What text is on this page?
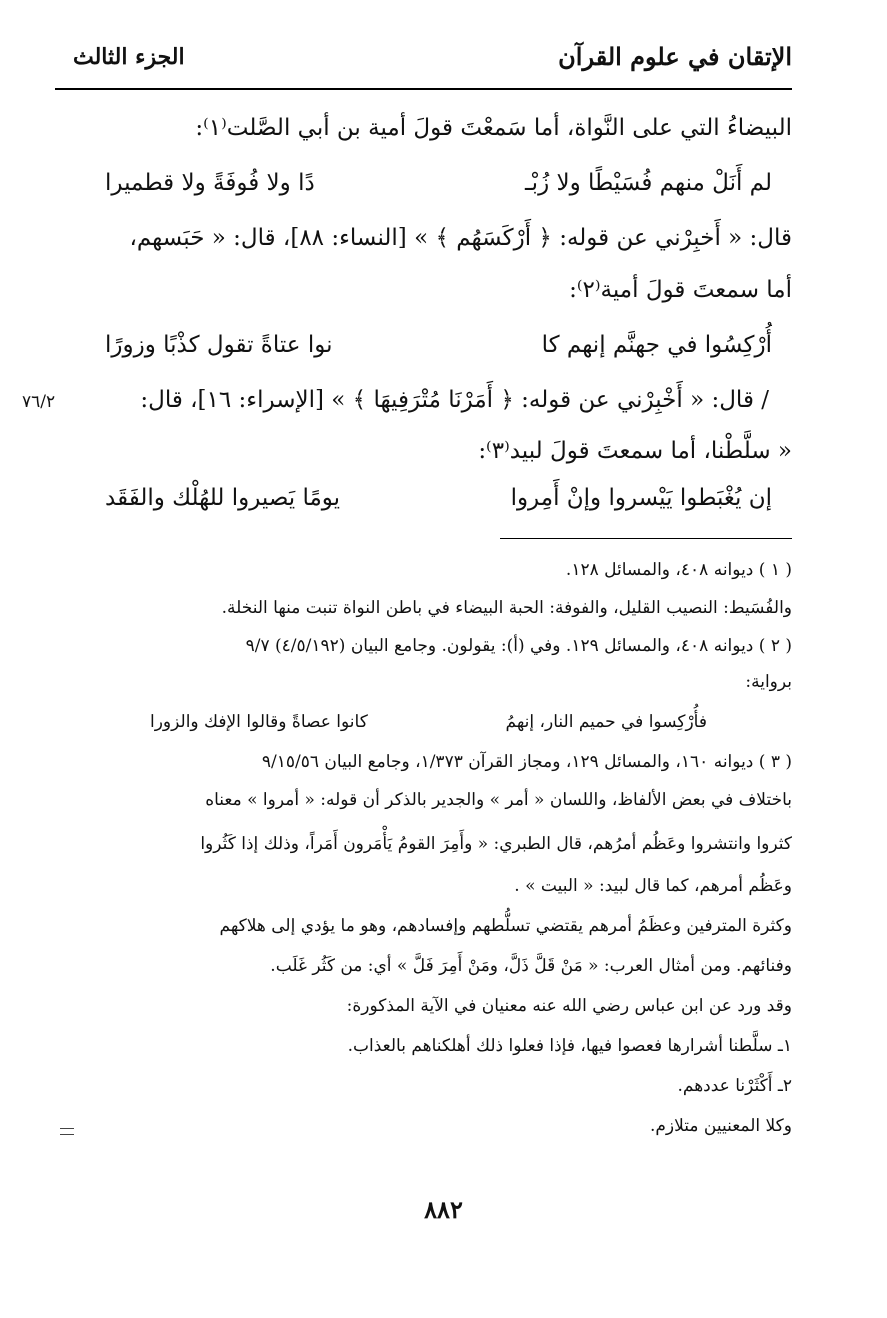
الإتقان في علوم القرآن
الجزء الثالث
البيضاءُ التي على النَّواة، أما سَمعْتَ قولَ أمية بن أبي الصَّلت⁽١⁾:
لم أَنَلْ منهم فُسَيْطًا ولا زُبْـ
دًا ولا فُوفَةً ولا قطميرا
قال: « أَخبِرْني عن قوله: ﴿ أَرْكَسَهُم ﴾ » [النساء: ٨٨]، قال: « حَبَسهم،
أما سمعتَ قولَ أمية⁽٢⁾:
أُرْكِسُوا في جهنَّم إنهم كا
نوا عتاةً تقول كذْبًا وزورًا
/ قال: « أَخْبِرْني عن قوله: ﴿ أَمَرْنَا مُتْرَفِيهَا ﴾ » [الإسراء: ١٦]، قال:
٧٦/٢
« سلَّطْنا، أما سمعتَ قولَ لبيد⁽٣⁾:
إن يُغْبَطوا يَيْسروا وإنْ أَمِروا
يومًا يَصيروا للهُلْك والفَقَد
( ١ ) ديوانه ٤٠٨، والمسائل ١٢٨.
والفُسَيط: النصيب القليل، والفوفة: الحبة البيضاء في باطن النواة تنبت منها النخلة.
( ٢ ) ديوانه ٤٠٨، والمسائل ١٢٩. وفي (أ): يقولون. وجامع البيان (٤/٥/١٩٢) ٩/٧
برواية:
فأُرْكِسوا في حميم النار، إنهمُ
كانوا عصاةً وقالوا الإفك والزورا
( ٣ ) ديوانه ١٦٠، والمسائل ١٢٩، ومجاز القرآن ١/٣٧٣، وجامع البيان ٩/١٥/٥٦
باختلاف في بعض الألفاظ، واللسان « أمر » والجدير بالذكر أن قوله: « أمروا » معناه
كثروا وانتشروا وعَظُم أمرُهم، قال الطبري: « وأَمِرَ القومُ يَأْمَرون أَمَراً، وذلك إذا كَثُروا
وعَظُم أمرهم، كما قال لبيد: « البيت » .
وكثرة المترفين وعظَمُ أمرهم يقتضي تسلُّطهم وإفسادهم، وهو ما يؤدي إلى هلاكهم
وفنائهم. ومن أمثال العرب: « مَنْ قَلَّ ذَلَّ، ومَنْ أَمِرَ فَلَّ » أي: من كَثُر غَلَب.
وقد ورد عن ابن عباس رضي الله عنه معنيان في الآية المذكورة:
١ـ سلَّطنا أشرارها فعصوا فيها، فإذا فعلوا ذلك أهلكناهم بالعذاب.
٢ـ أَكْثَرْنا عددهم.
وكلا المعنيين متلازم.
٨٨٢
